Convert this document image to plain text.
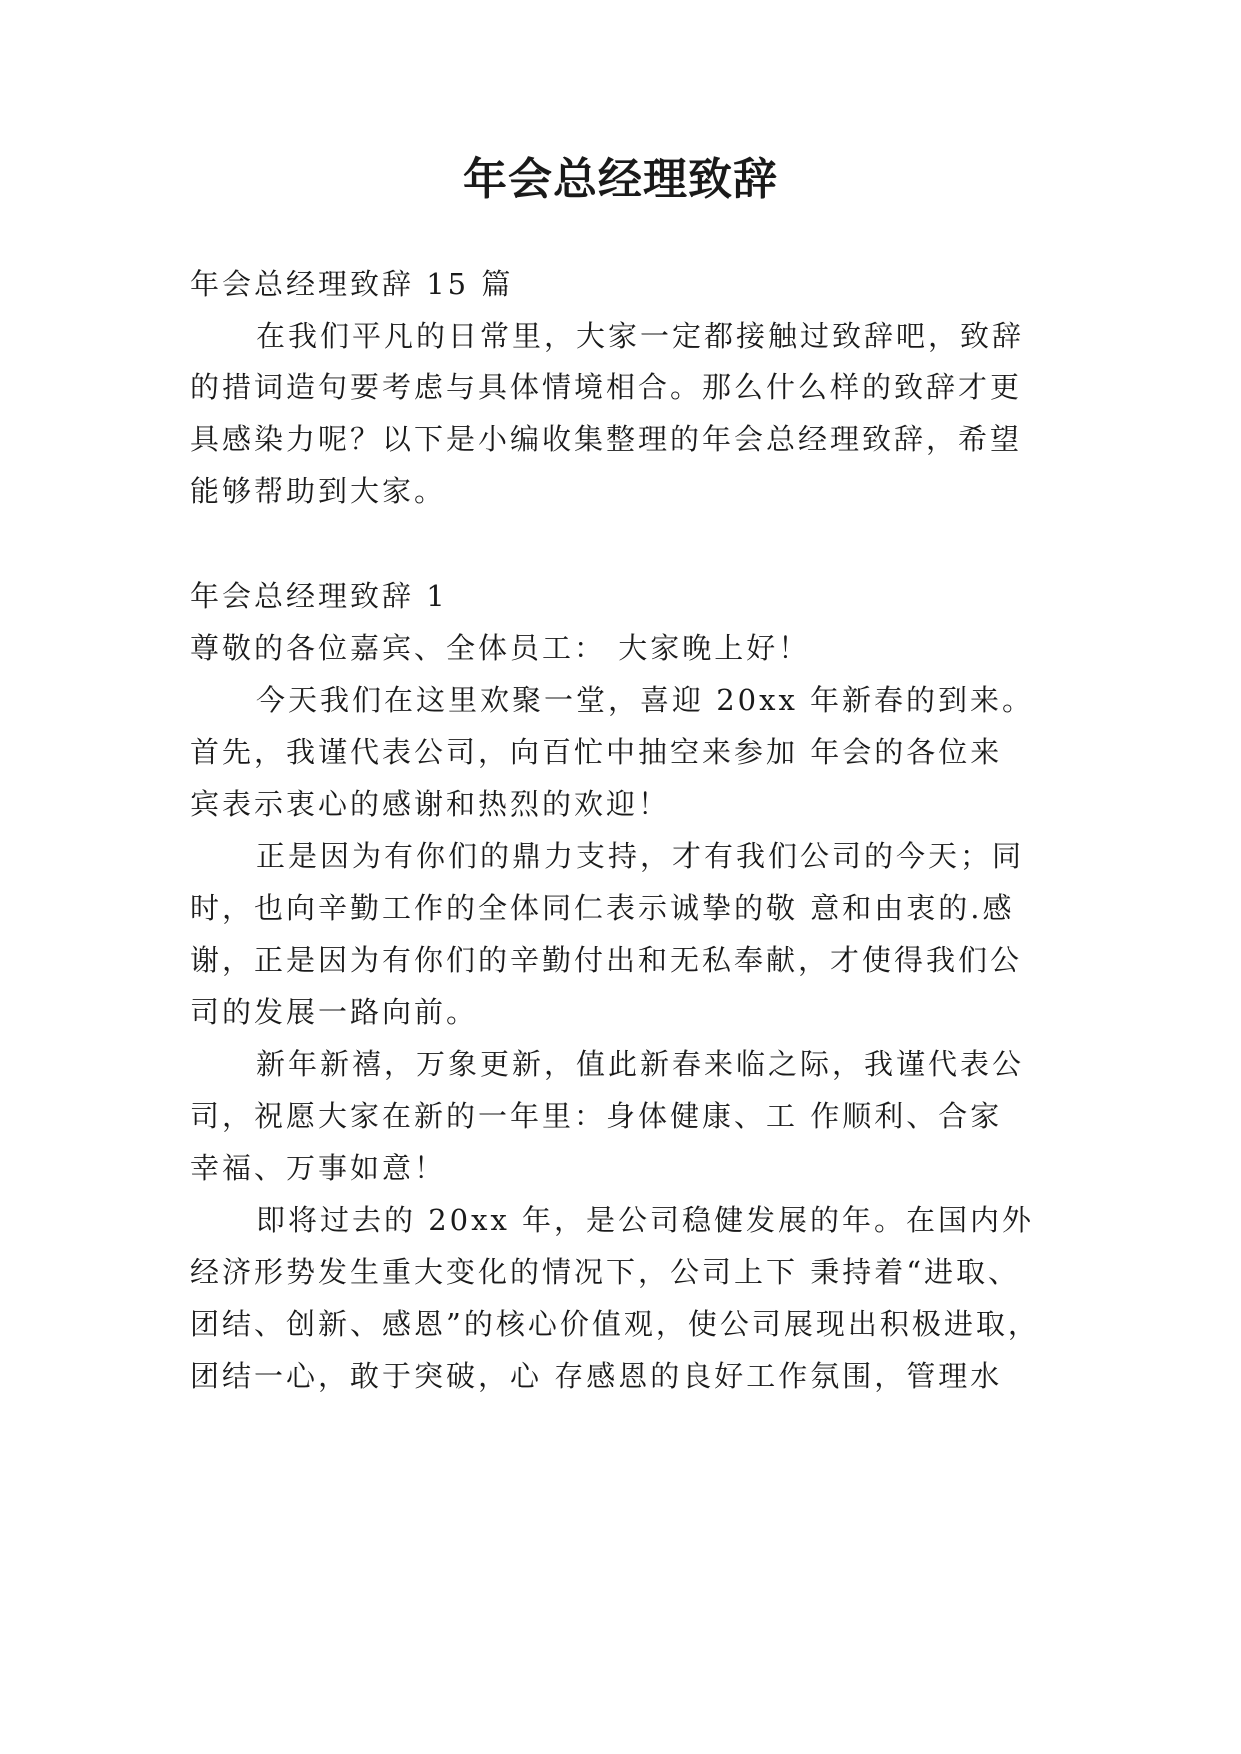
年会总经理致辞
年会总经理致辞 15 篇
在我们平凡的日常里，大家一定都接触过致辞吧，致辞
的措词造句要考虑与具体情境相合。那么什么样的致辞才更
具感染力呢？以下是小编收集整理的年会总经理致辞，希望
能够帮助到大家。
年会总经理致辞 1
尊敬的各位嘉宾、全体员工： 大家晚上好！
今天我们在这里欢聚一堂，喜迎 20xx 年新春的到来。
首先，我谨代表公司，向百忙中抽空来参加 年会的各位来
宾表示衷心的感谢和热烈的欢迎！
正是因为有你们的鼎力支持，才有我们公司的今天；同
时，也向辛勤工作的全体同仁表示诚挚的敬 意和由衷的.感
谢，正是因为有你们的辛勤付出和无私奉献，才使得我们公
司的发展一路向前。
新年新禧，万象更新，值此新春来临之际，我谨代表公
司，祝愿大家在新的一年里：身体健康、工 作顺利、合家
幸福、万事如意！
即将过去的 20xx 年，是公司稳健发展的年。在国内外
经济形势发生重大变化的情况下，公司上下 秉持着“进取、
团结、创新、感恩”的核心价值观，使公司展现出积极进取，
团结一心，敢于突破，心 存感恩的良好工作氛围，管理水
